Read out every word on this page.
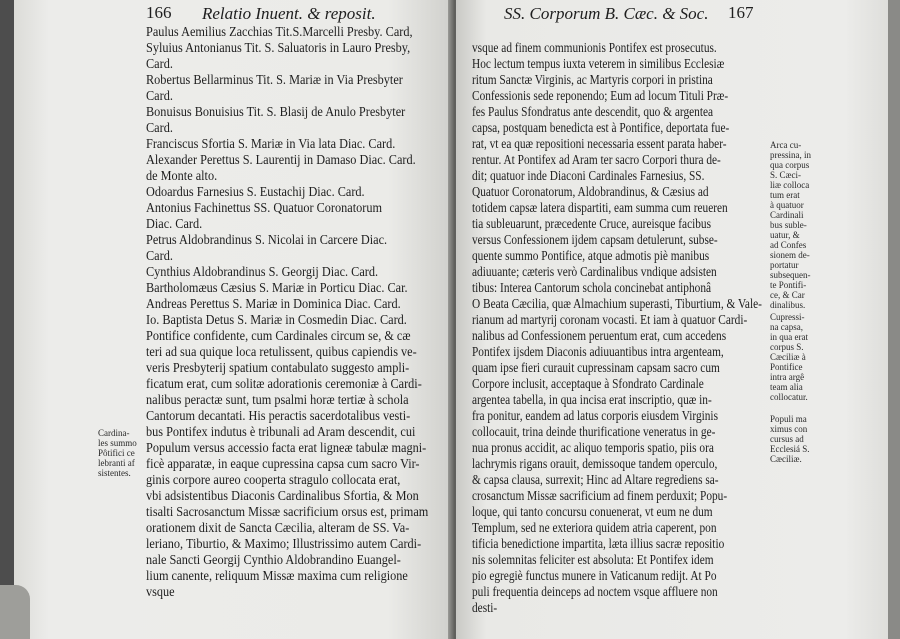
166 Relatio Inuent. & reposit.
Paulus Aemilius Zacchias Tit.S.Marcelli Presby. Card,
Syluius Antonianus Tit. S. Saluatoris in Lauro Presby,
Card.
Robertus Bellarminus Tit. S. Mariæ in Via Presbyter
Card.
Bonuisus Bonuisius Tit. S. Blasij de Anulo Presbyter
Card.
Franciscus Sfortia S. Mariæ in Via lata Diac. Card.
Alexander Perettus S. Laurentij in Damaso Diac. Card.
de Monte alto.
Odoardus Farnesius S. Eustachij Diac. Card.
Antonius Fachinettus SS. Quatuor Coronatorum
Diac. Card.
Petrus Aldobrandinus S. Nicolai in Carcere Diac.
Card.
Cynthius Aldobrandinus S. Georgij Diac. Card.
Bartholomæus Cæsius S. Mariæ in Porticu Diac. Car.
Andreas Perettus S. Mariæ in Dominica Diac. Card.
Io. Baptista Detus S. Mariæ in Cosmedin Diac. Card.
Pontifice confidente, cum Cardinales circum se, & cæ
teri ad sua quique loca retulissent, quibus capiendis ve-
veris Presbyterij spatium contabulato suggesto ampli-
ficatum erat, cum solitæ adorationis ceremoniæ à Cardi-
nalibus peractæ sunt, tum psalmi horæ tertiæ à schola
Cantorum decantati. His peractis sacerdotalibus vesti-
bus Pontifex indutus è tribunali ad Aram descendit, cui
Populum versus accessio facta erat ligneæ tabulæ magni-
ficè apparatæ, in eaque cupressina capsa cum sacro Vir-
ginis corpore aureo cooperta stragulo collocata erat,
vbi adsistentibus Diaconis Cardinalibus Sfortia, & Mon
tisalti Sacrosanctum Missæ sacrificium orsus est, primam
orationem dixit de Sancta Cæcilia, alteram de SS. Va-
leriano, Tiburtio, & Maximo; Illustrissimo autem Cardi-
nale Sancti Georgij Cynthio Aldobrandino Euangel-
lium canente, reliquum Missæ maxima cum religione
vsque
Cardina-
les summo
Pôtifici ce
lebranti af
sistentes.
SS. Corporum B. Cæc. & Soc. 167
vsque ad finem communionis Pontifex est prosecutus.
Hoc lectum tempus iuxta veterem in similibus Ecclesiæ
ritum Sanctæ Virginis, ac Martyris corpori in pristina
Confessionis sede reponendo; Eum ad locum Tituli Præ-
fes Paulus Sfondratus ante descendit, quo & argentea
capsa, postquam benedicta est à Pontifice, deportata fue-
rat, vt ea quæ repositioni necessaria essent parata haber-
rentur. At Pontifex ad Aram ter sacro Corpori thura de-
dit; quatuor inde Diaconi Cardinales Farnesius, SS.
Quatuor Coronatorum, Aldobrandinus, & Cæsius ad
totidem capsæ latera dispartiti, eam summa cum reueren
tia subleuarunt, præcedente Cruce, aureisque facibus
versus Confessionem ijdem capsam detulerunt, subse-
quente summo Pontifice, atque admotis piè manibus
adiuuante; cæteris verò Cardinalibus vndique adsisten
tibus: Interea Cantorum schola concinebat antiphonâ
O Beata Cæcilia, quæ Almachium superasti, Tiburtium, & Vale-
rianum ad martyrij coronam vocasti. Et iam à quatuor Cardi-
nalibus ad Confessionem peruentum erat, cum accedens
Pontifex ijsdem Diaconis adiuuantibus intra argenteam,
quam ipse fieri curauit cupressinam capsam sacro cum
Corpore inclusit, acceptaque à Sfondrato Cardinale
argentea tabella, in qua incisa erat inscriptio, quæ in-
fra ponitur, eandem ad latus corporis eiusdem Virginis
collocauit, trina deinde thurificatione veneratus in ge-
nua pronus accidit, ac aliquo temporis spatio, piis ora
lachrymis rigans orauit, demissoque tandem operculo,
& capsa clausa, surrexit; Hinc ad Altare regrediens sa-
crosanctum Missæ sacrificium ad finem perduxit; Popu-
loque, qui tanto concursu conuenerat, vt eum ne dum
Templum, sed ne exteriora quidem atria caperent, pon
tificia benedictione impartita, læta illius sacræ repositio
nis solemnitas feliciter est absoluta: Et Pontifex idem
pio egregiè functus munere in Vaticanum redijt. At Po
puli frequentia deinceps ad noctem vsque affluere non
desti-
Arca cu-
pressina, in
qua corpus
S. Cæci-
liæ colloca
tum erat
à quatuor
Cardinali
bus suble-
uatur, &
ad Confes
sionem de-
portatur
subsequen-
te Pontifi-
ce, & Car
dinalibus.
Cupressi-
na capsa,
in qua erat
corpus S.
Cæciliæ à
Pontifice
intra argê
team alia
collocatur.
Populi ma
ximus con
cursus ad
Ecclesiá S.
Cæciliæ.
